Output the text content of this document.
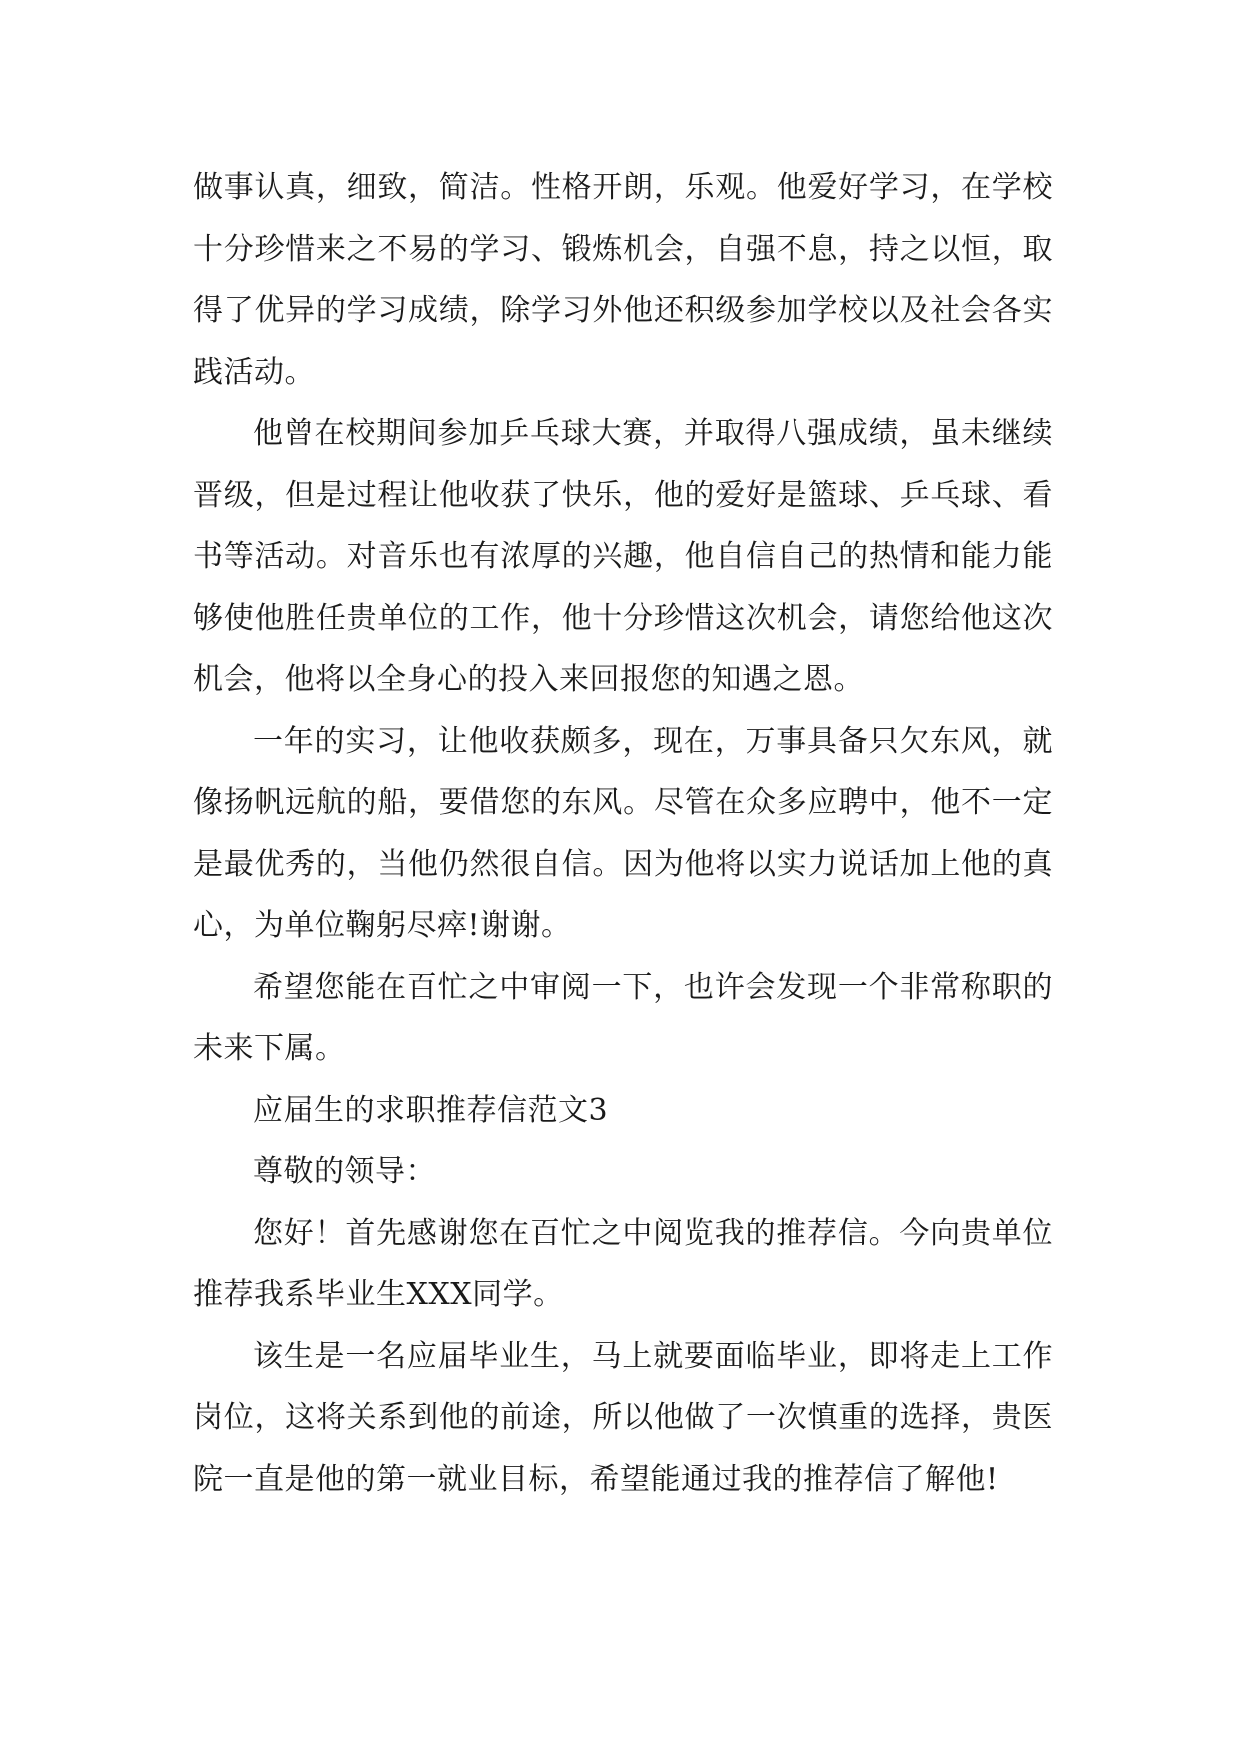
做事认真，细致，简洁。性格开朗，乐观。他爱好学习，在学校十分珍惜来之不易的学习、锻炼机会，自强不息，持之以恒，取得了优异的学习成绩，除学习外他还积级参加学校以及社会各实践活动。

他曾在校期间参加乒乓球大赛，并取得八强成绩，虽未继续晋级，但是过程让他收获了快乐，他的爱好是篮球、乒乓球、看书等活动。对音乐也有浓厚的兴趣，他自信自己的热情和能力能够使他胜任贵单位的工作，他十分珍惜这次机会，请您给他这次机会，他将以全身心的投入来回报您的知遇之恩。

一年的实习，让他收获颇多，现在，万事具备只欠东风，就像扬帆远航的船，要借您的东风。尽管在众多应聘中，他不一定是最优秀的，当他仍然很自信。因为他将以实力说话加上他的真心，为单位鞠躬尽瘁!谢谢。

希望您能在百忙之中审阅一下，也许会发现一个非常称职的未来下属。

应届生的求职推荐信范文3

尊敬的领导：

您好！首先感谢您在百忙之中阅览我的推荐信。今向贵单位推荐我系毕业生XXX同学。

该生是一名应届毕业生，马上就要面临毕业，即将走上工作岗位，这将关系到他的前途，所以他做了一次慎重的选择，贵医院一直是他的第一就业目标，希望能通过我的推荐信了解他!
